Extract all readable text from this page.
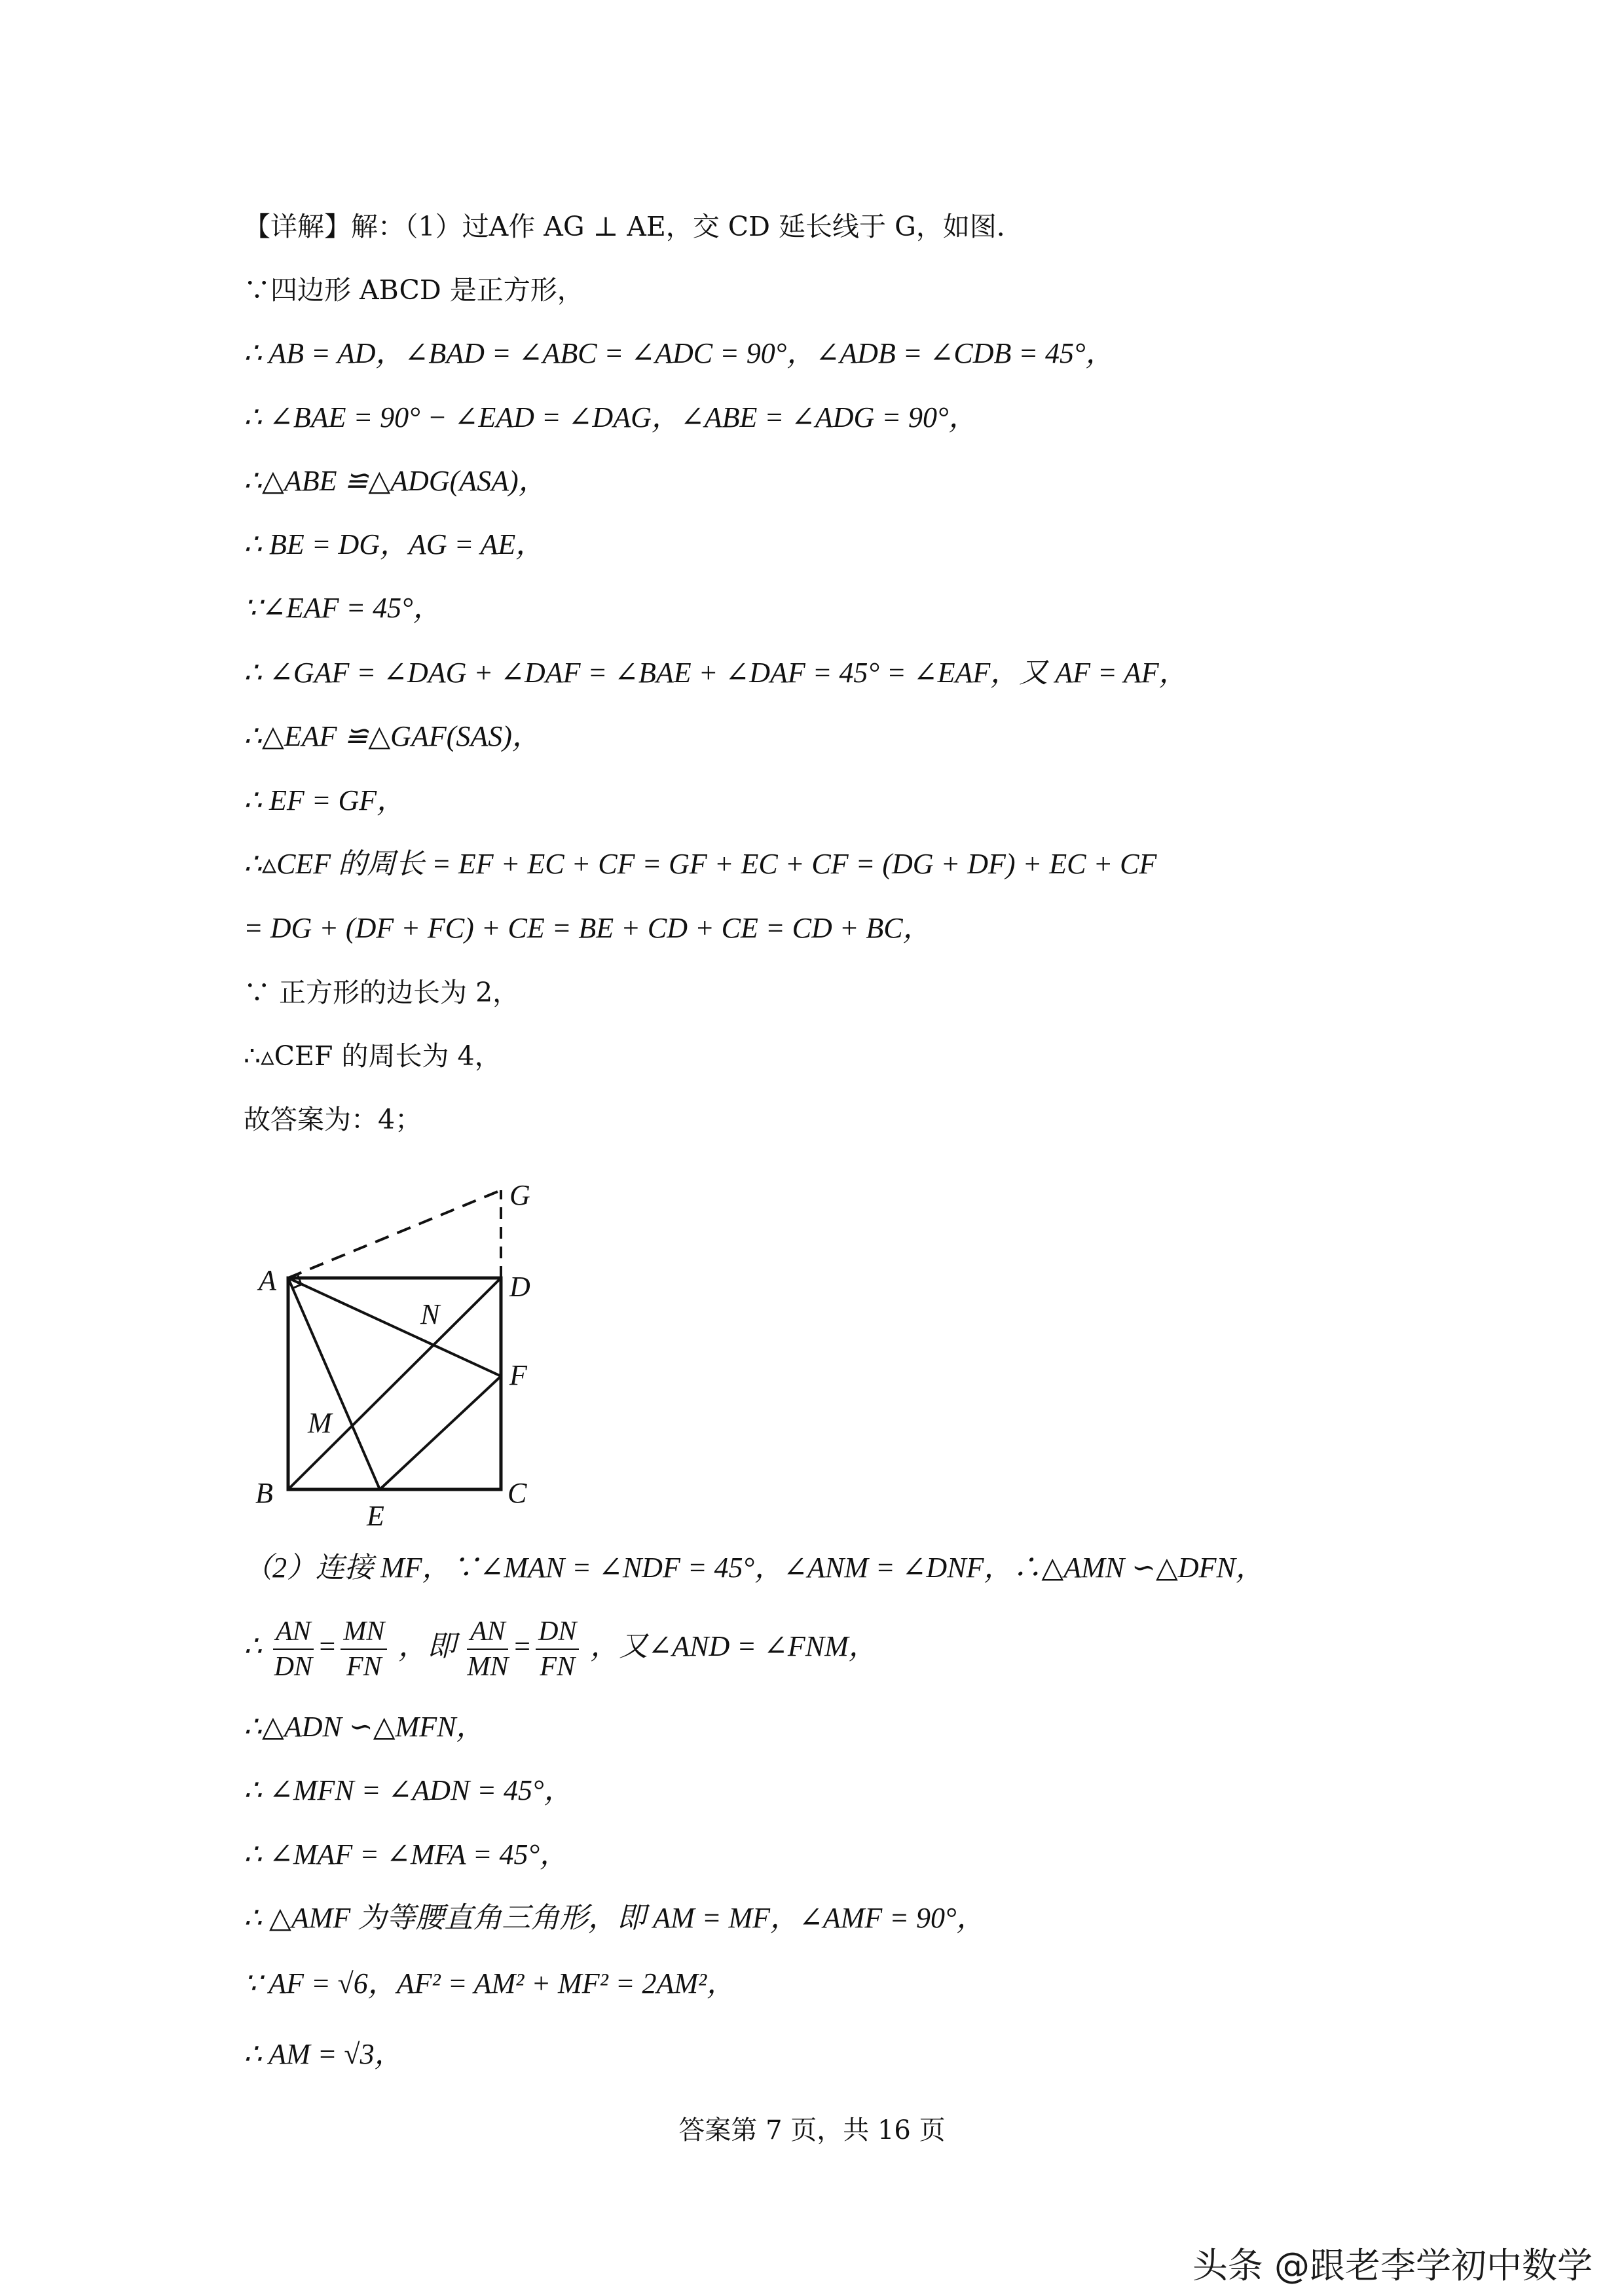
【详解】解：（1）过A作 AG ⊥ AE，交 CD 延长线于 G，如图．
∵四边形 ABCD 是正方形，
∴ AB = AD，∠BAD = ∠ABC = ∠ADC = 90°，∠ADB = ∠CDB = 45°，
∴ ∠BAE = 90° − ∠EAD = ∠DAG，∠ABE = ∠ADG = 90°，
∴△ABE ≌△ADG(ASA)，
∴ BE = DG，AG = AE，
∵∠EAF = 45°，
∴ ∠GAF = ∠DAG + ∠DAF = ∠BAE + ∠DAF = 45° = ∠EAF，又 AF = AF，
∴△EAF ≌△GAF(SAS)，
∴ EF = GF，
∴▵CEF 的周长 = EF + EC + CF = GF + EC + CF = (DG + DF) + EC + CF
= DG + (DF + FC) + CE = BE + CD + CE = CD + BC，
∵ 正方形的边长为 2，
∴▵CEF 的周长为 4，
故答案为：4；
G
A	D
N
F
M
B	C
E
（2）连接 MF，∵∠MAN = ∠NDF = 45°，∠ANM = ∠DNF，∴△AMN ∽△DFN，
∴ $\frac{AN}{DN} = \frac{MN}{FN}$ ，即 $\frac{AN}{MN} = \frac{DN}{FN}$ ，又∠AND = ∠FNM，
∴△ADN ∽△MFN，
∴ ∠MFN = ∠ADN = 45°，
∴ ∠MAF = ∠MFA = 45°，
∴ △AMF 为等腰直角三角形，即 AM = MF，∠AMF = 90°，
∵ AF = √6，AF² = AM² + MF² = 2AM²，
∴ AM = √3，
答案第 7 页，共 16 页
头条 @跟老李学初中数学
